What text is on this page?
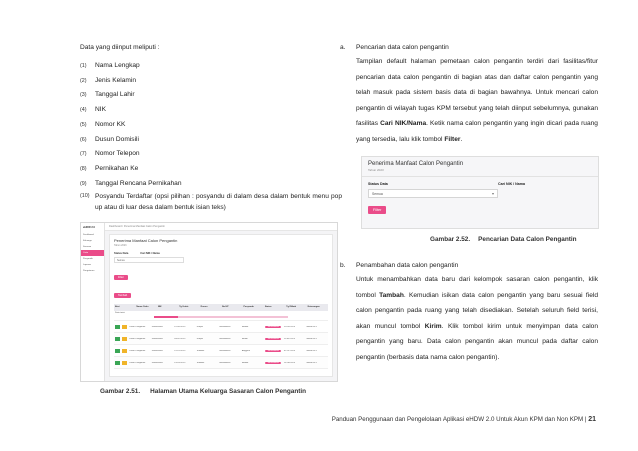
Data yang diinput meliputi :
(1)	Nama Lengkap
(2)	Jenis Kelamin
(3)	Tanggal Lahir
(4)	NIK
(5)	Nomor KK
(6)	Dusun Domisili
(7)	Nomor Telepon
(8)	Pernikahan Ke
(9)	Tanggal Rencana Pernikahan
(10) Posyandu Terdaftar (opsi pilihan : posyandu di dalam desa dalam bentuk menu pop up atau di luar desa dalam bentuk isian teks)
eHDW 2.0
Dashboard
Keluarga
Sasaran
Catin
Posyandu
Laporan
Pengaturan
Dashboard / Penerima Manfaat Calon Pengantin
Penerima Manfaat Calon Pengantin
Tahun 2023
Status Data	Cari NIK / Nama
Semua
Filter
Tambah
Aksi	Nama Catin	NIK	Tgl Lahir	Dusun	No HP	Posyandu	Status	Tgl Nikah	Keterangan
Data terisi
Calon Pengantin	35xxxxxxxx	12-04-2023	Krajan	08xxxxxxxx	Mawar	Terverifikasi	20-05-2023	Nikah ke-1
Calon Pengantin	35xxxxxxxx	03-02-2023	Krajan	08xxxxxxxx	Melati	Terverifikasi	11-06-2023	Nikah ke-1
Calon Pengantin	35xxxxxxxx	21-01-2023	Sumber	08xxxxxxxx	Anggrek	Terverifikasi	02-07-2023	Nikah ke-1
Calon Pengantin	35xxxxxxxx	15-03-2023	Sumber	08xxxxxxxx	Mawar	Terverifikasi	14-08-2023	Nikah ke-1
Gambar 2.51. Halaman Utama Keluarga Sasaran Calon Pengantin
a.	Pencarian data calon pengantin

Tampilan default halaman pemetaan calon pengantin terdiri dari fasilitas/fitur pencarian data calon pengantin di bagian atas dan daftar calon pengantin yang telah masuk pada sistem basis data di bagian bawahnya. Untuk mencari calon pengantin di wilayah tugas KPM tersebut yang telah diinput sebelumnya, gunakan fasilitas Cari NIK/Nama. Ketik nama calon pengantin yang ingin dicari pada ruang yang tersedia, lalu klik tombol Filter.

Penerima Manfaat Calon Pengantin
Tahun 2023
Status Data
Semua ▾
Cari NIK / Nama
Filter
Gambar 2.52. Pencarian Data Calon Pengantin
b.	Penambahan data calon pengantin

Untuk menambahkan data baru dari kelompok sasaran calon pengantin, klik tombol Tambah. Kemudian isikan data calon pengantin yang baru sesuai field calon pengantin pada ruang yang telah disediakan. Setelah seluruh field terisi, akan muncul tombol Kirim. Klik tombol kirim untuk menyimpan data calon pengantin yang baru. Data calon pengantin akan muncul pada daftar calon pengantin (berbasis data nama calon pengantin).

Panduan Penggunaan dan Pengelolaan Aplikasi eHDW 2.0 Untuk Akun KPM dan Non KPM | 21
